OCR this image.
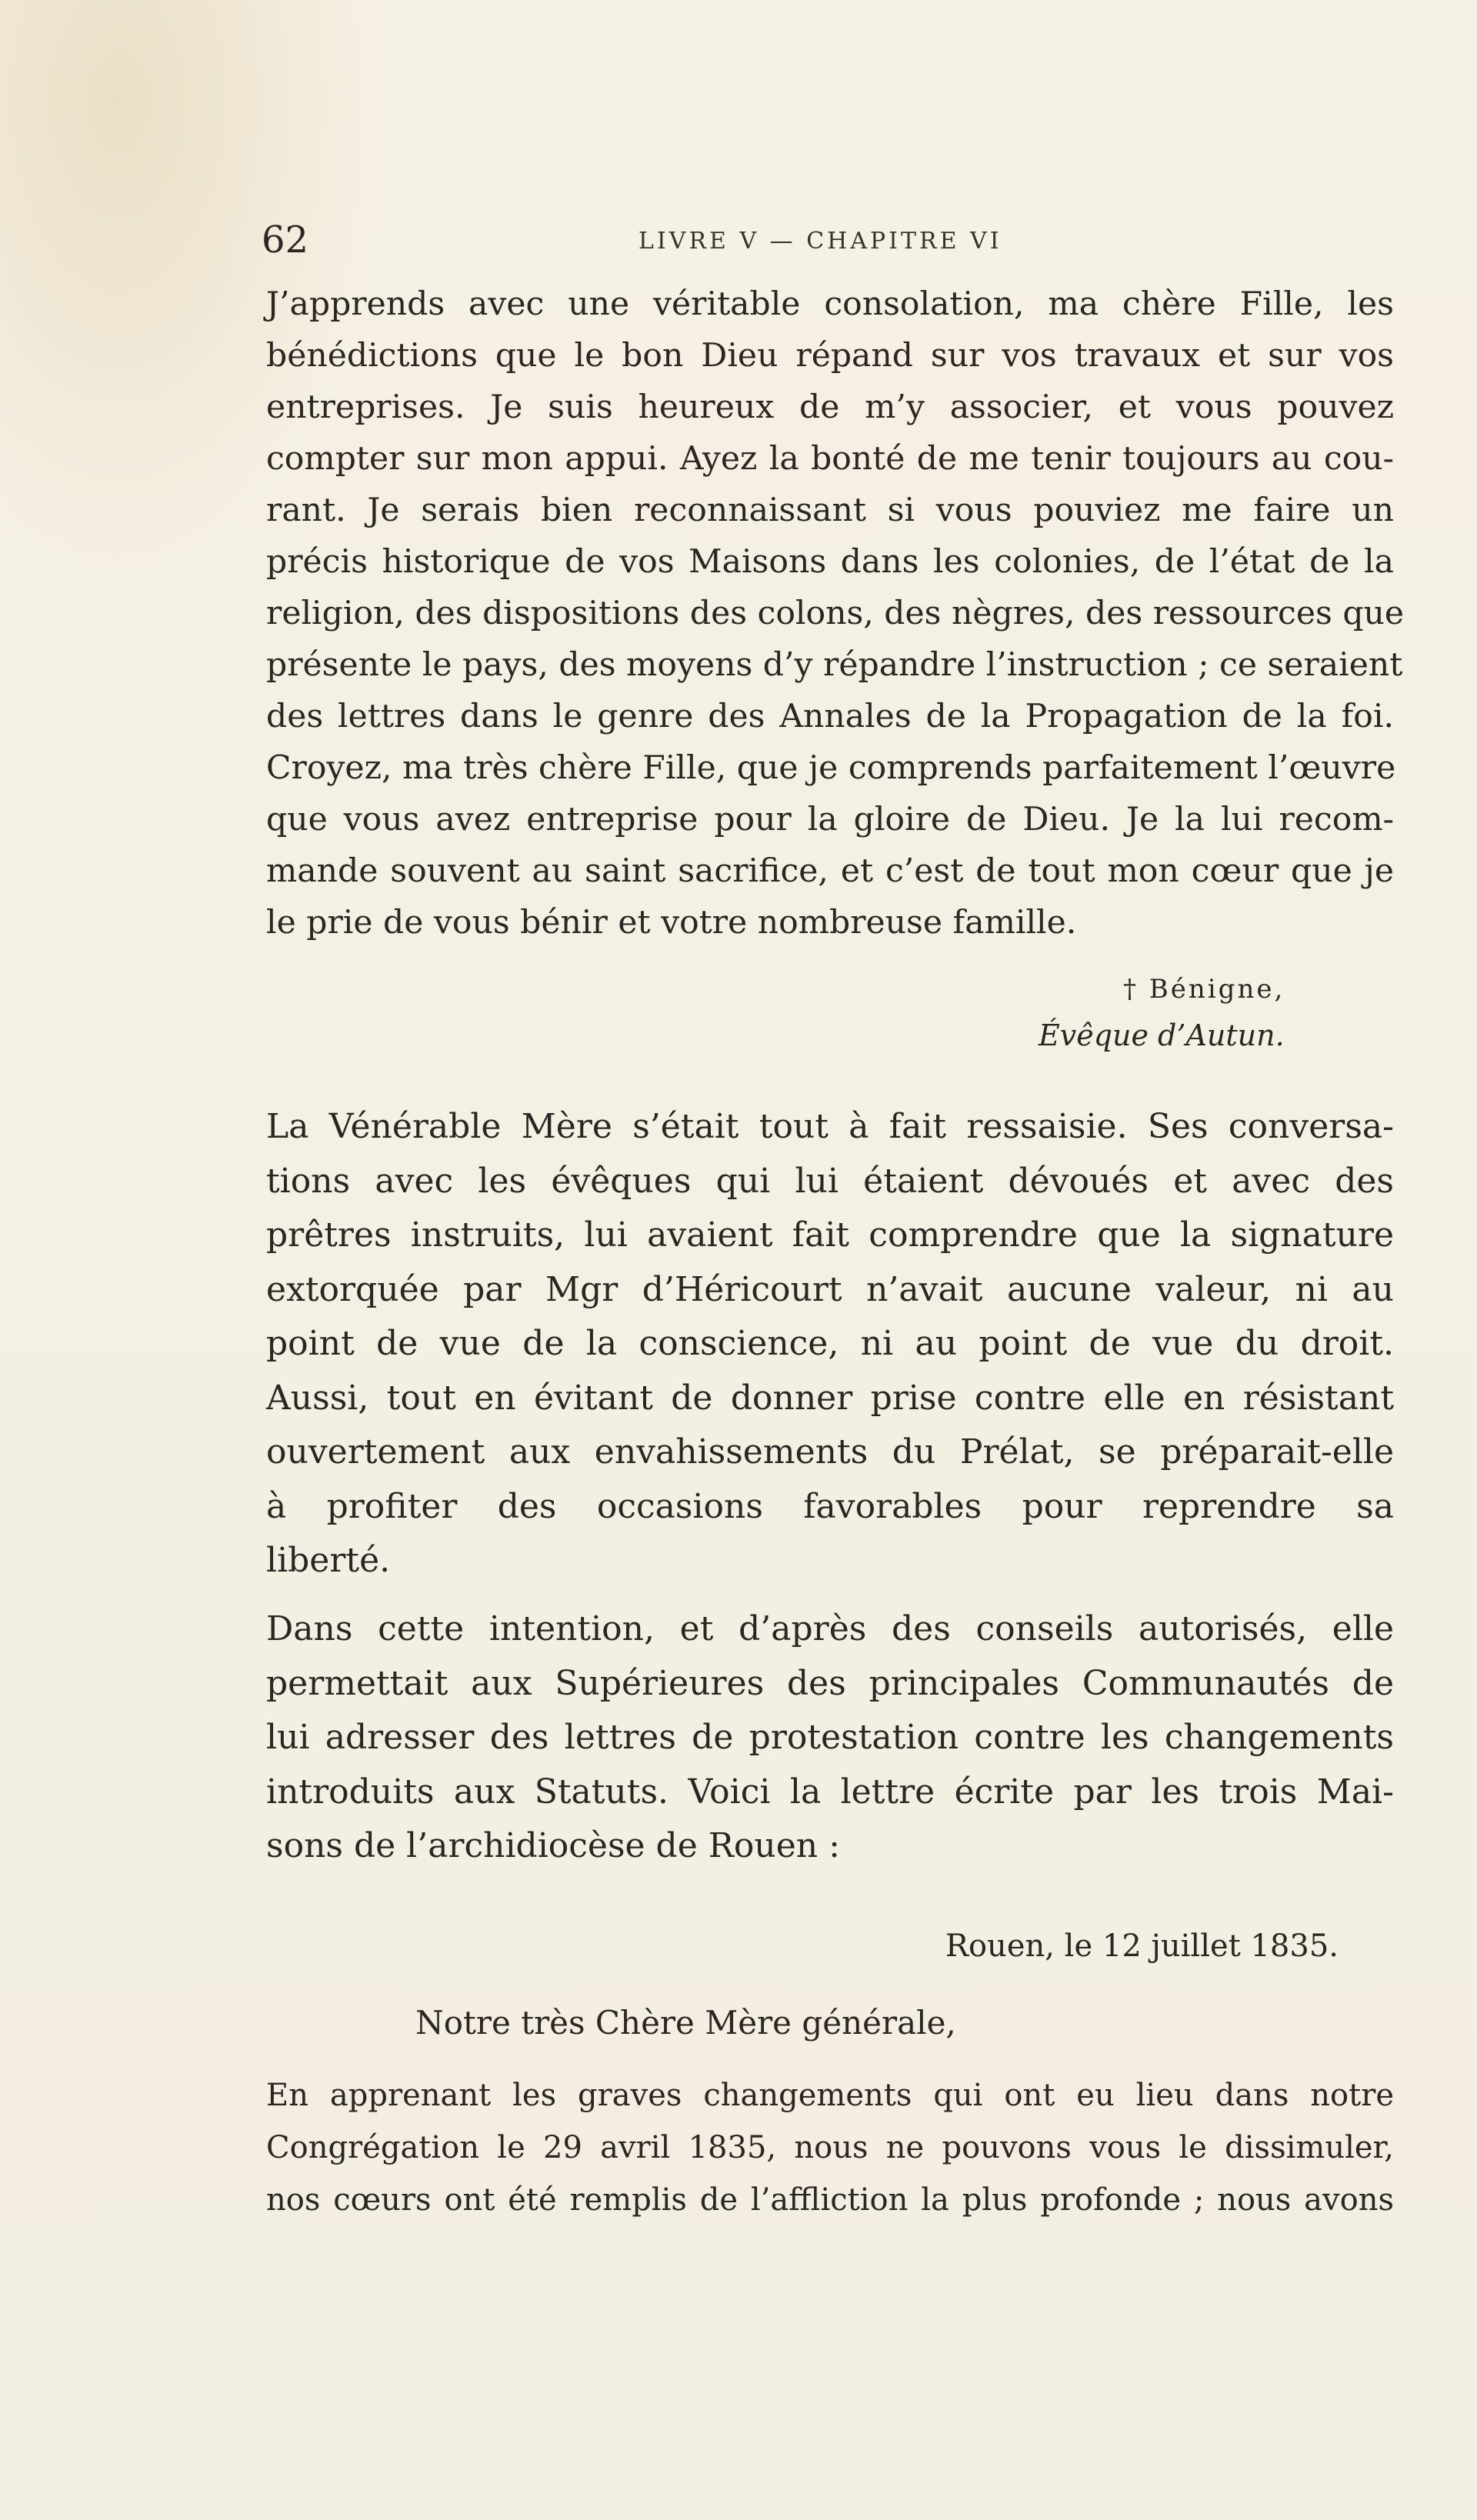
62	LIVRE V — CHAPITRE VI

J’apprends avec une véritable consolation, ma chère Fille, les
bénédictions que le bon Dieu répand sur vos travaux et sur vos
entreprises. Je suis heureux de m’y associer, et vous pouvez
compter sur mon appui. Ayez la bonté de me tenir toujours au cou-
rant. Je serais bien reconnaissant si vous pouviez me faire un
précis historique de vos Maisons dans les colonies, de l’état de la
religion, des dispositions des colons, des nègres, des ressources que
présente le pays, des moyens d’y répandre l’instruction ; ce seraient
des lettres dans le genre des Annales de la Propagation de la foi.
Croyez, ma très chère Fille, que je comprends parfaitement l’œuvre
que vous avez entreprise pour la gloire de Dieu. Je la lui recom-
mande souvent au saint sacrifice, et c’est de tout mon cœur que je
le prie de vous bénir et votre nombreuse famille.

† Bénigne,
Évêque d’Autun.

La Vénérable Mère s’était tout à fait ressaisie. Ses conversa-
tions avec les évêques qui lui étaient dévoués et avec des
prêtres instruits, lui avaient fait comprendre que la signature
extorquée par Mgr d’Héricourt n’avait aucune valeur, ni au
point de vue de la conscience, ni au point de vue du droit.
Aussi, tout en évitant de donner prise contre elle en résistant
ouvertement aux envahissements du Prélat, se préparait-elle
à profiter des occasions favorables pour reprendre sa
liberté.

Dans cette intention, et d’après des conseils autorisés, elle
permettait aux Supérieures des principales Communautés de
lui adresser des lettres de protestation contre les changements
introduits aux Statuts. Voici la lettre écrite par les trois Mai-
sons de l’archidiocèse de Rouen :

Rouen, le 12 juillet 1835.
Notre très Chère Mère générale,

En apprenant les graves changements qui ont eu lieu dans notre
Congrégation le 29 avril 1835, nous ne pouvons vous le dissimuler,
nos cœurs ont été remplis de l’affliction la plus profonde ; nous avons
